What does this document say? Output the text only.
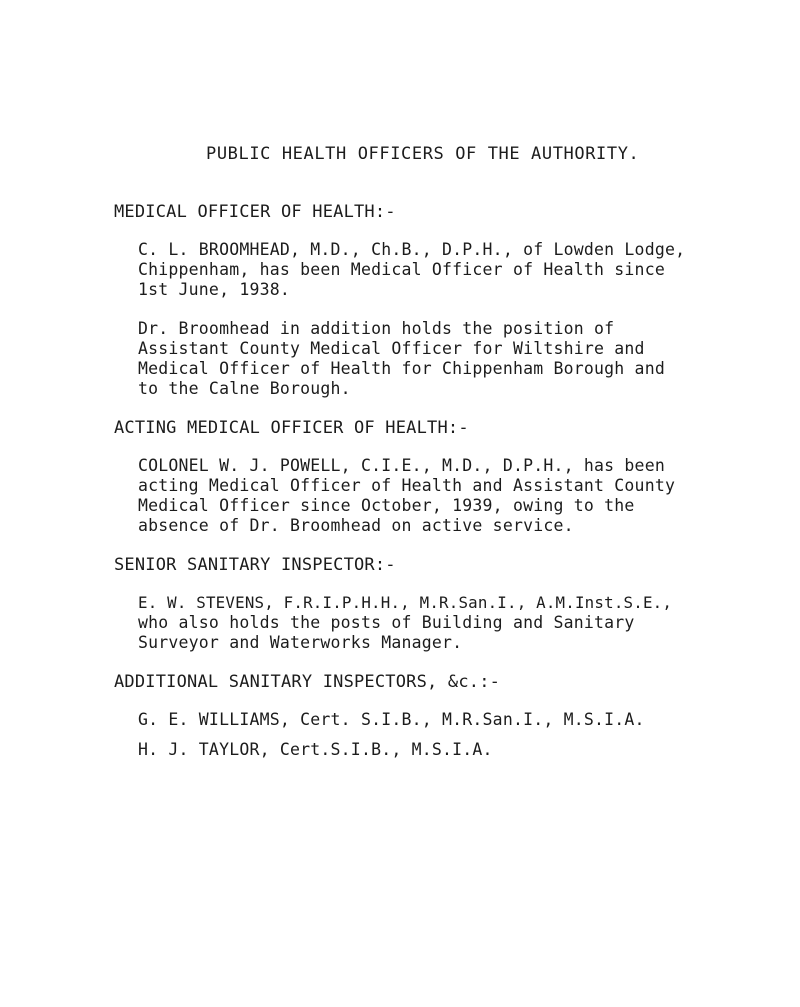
PUBLIC HEALTH OFFICERS OF THE AUTHORITY.
MEDICAL OFFICER OF HEALTH:-
C. L. BROOMHEAD, M.D., Ch.B., D.P.H., of Lowden Lodge,
Chippenham, has been Medical Officer of Health since
1st June, 1938.
Dr. Broomhead in addition holds the position of
Assistant County Medical Officer for Wiltshire and
Medical Officer of Health for Chippenham Borough and
to the Calne Borough.
ACTING MEDICAL OFFICER OF HEALTH:-
COLONEL W. J. POWELL, C.I.E., M.D., D.P.H., has been
acting Medical Officer of Health and Assistant County
Medical Officer since October, 1939, owing to the
absence of Dr. Broomhead on active service.
SENIOR SANITARY INSPECTOR:-
E. W. STEVENS, F.R.I.P.H.H., M.R.San.I., A.M.Inst.S.E.,
who also holds the posts of Building and Sanitary
Surveyor and Waterworks Manager.
ADDITIONAL SANITARY INSPECTORS, &c.:-
G. E. WILLIAMS, Cert. S.I.B., M.R.San.I., M.S.I.A.
H. J. TAYLOR, Cert.S.I.B., M.S.I.A.
